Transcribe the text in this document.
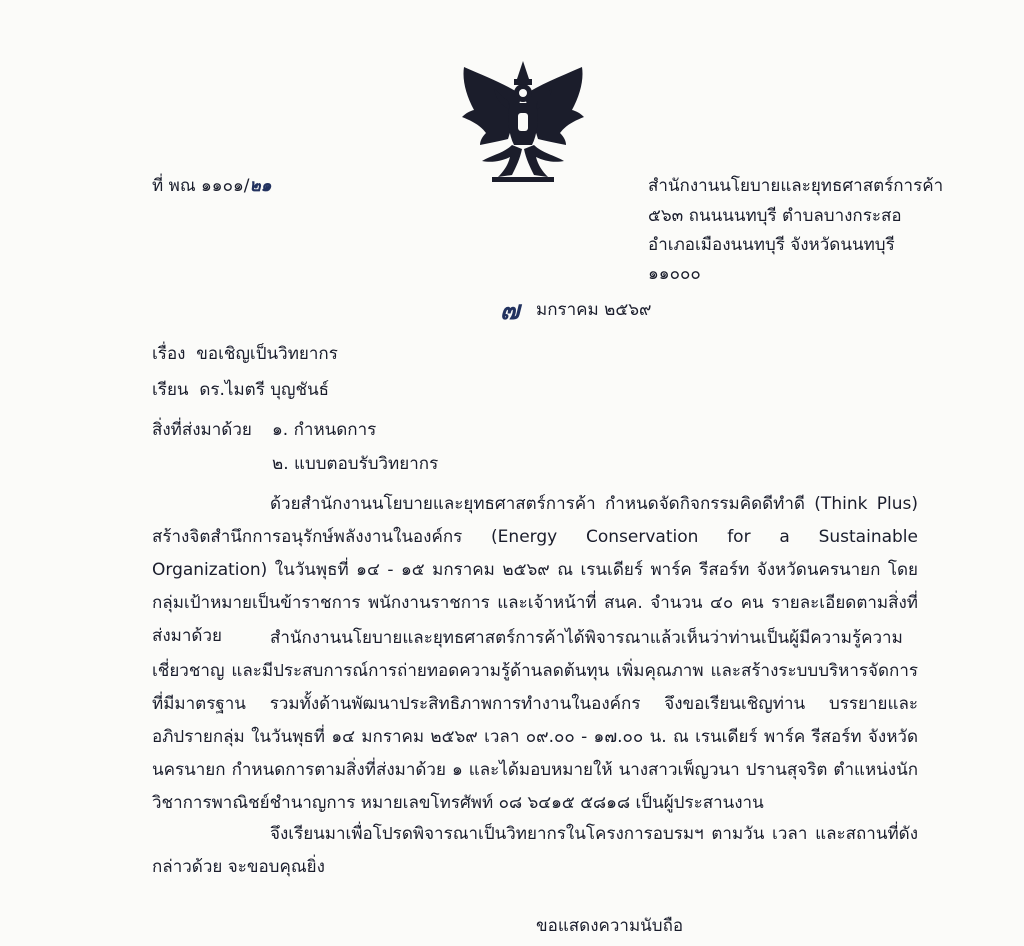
ที่ พณ ๑๑๐๑/๒๑	สำนักงานนโยบายและยุทธศาสตร์การค้า
๕๖๓ ถนนนนทบุรี ตำบลบางกระสอ
อำเภอเมืองนนทบุรี จังหวัดนนทบุรี
๑๑๐๐๐
๗ มกราคม ๒๕๖๙
เรื่อง ขอเชิญเป็นวิทยากร
เรียน ดร.ไมตรี บุญชันธ์
สิ่งที่ส่งมาด้วย ๑. กำหนดการ
๒. แบบตอบรับวิทยากร
ด้วยสำนักงานนโยบายและยุทธศาสตร์การค้า กำหนดจัดกิจกรรมคิดดีทำดี (Think Plus) สร้างจิตสำนึกการอนุรักษ์พลังงานในองค์กร (Energy Conservation for a Sustainable Organization) ในวันพุธที่ ๑๔ - ๑๕ มกราคม ๒๕๖๙ ณ เรนเดียร์ พาร์ค รีสอร์ท จังหวัดนครนายก โดยกลุ่มเป้าหมายเป็นข้าราชการ พนักงานราชการ และเจ้าหน้าที่ สนค. จำนวน ๔๐ คน รายละเอียดตามสิ่งที่ส่งมาด้วย	สำนักงานนโยบายและยุทธศาสตร์การค้าได้พิจารณาแล้วเห็นว่าท่านเป็นผู้มีความรู้ความเชี่ยวชาญ และมีประสบการณ์การถ่ายทอดความรู้ด้านลดต้นทุน เพิ่มคุณภาพ และสร้างระบบบริหารจัดการที่มีมาตรฐาน รวมทั้งด้านพัฒนาประสิทธิภาพการทำงานในองค์กร จึงขอเรียนเชิญท่าน บรรยายและอภิปรายกลุ่ม ในวันพุธที่ ๑๔ มกราคม ๒๕๖๙ เวลา ๐๙.๐๐ - ๑๗.๐๐ น. ณ เรนเดียร์ พาร์ค รีสอร์ท จังหวัดนครนายก กำหนดการตามสิ่งที่ส่งมาด้วย ๑ และได้มอบหมายให้ นางสาวเพ็ญวนา ปรานสุจริต ตำแหน่งนักวิชาการพาณิชย์ชำนาญการ หมายเลขโทรศัพท์ ๐๘ ๖๔๑๕ ๕๘๑๘ เป็นผู้ประสานงาน
จึงเรียนมาเพื่อโปรดพิจารณาเป็นวิทยากรในโครงการอบรมฯ ตามวัน เวลา และสถานที่ดังกล่าวด้วย จะขอบคุณยิ่ง
ขอแสดงความนับถือ
